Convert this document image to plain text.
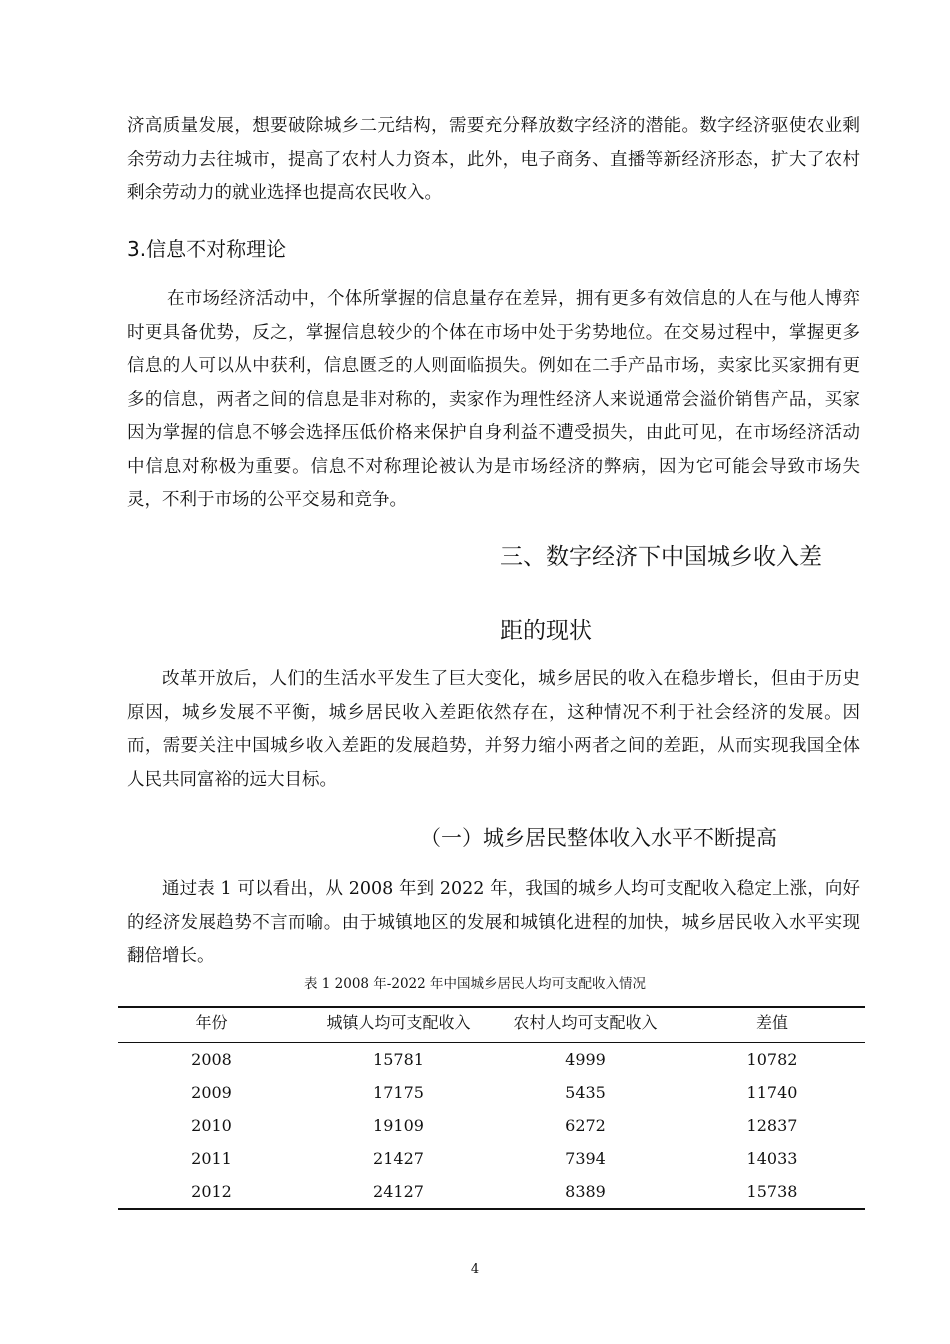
济高质量发展，想要破除城乡二元结构，需要充分释放数字经济的潜能。数字经济驱使农业剩余劳动力去往城市，提高了农村人力资本，此外，电子商务、直播等新经济形态，扩大了农村剩余劳动力的就业选择也提高农民收入。

3.信息不对称理论

在市场经济活动中，个体所掌握的信息量存在差异，拥有更多有效信息的人在与他人博弈时更具备优势，反之，掌握信息较少的个体在市场中处于劣势地位。在交易过程中，掌握更多信息的人可以从中获利，信息匮乏的人则面临损失。例如在二手产品市场，卖家比买家拥有更多的信息，两者之间的信息是非对称的，卖家作为理性经济人来说通常会溢价销售产品，买家因为掌握的信息不够会选择压低价格来保护自身利益不遭受损失，由此可见，在市场经济活动中信息对称极为重要。信息不对称理论被认为是市场经济的弊病，因为它可能会导致市场失灵，不利于市场的公平交易和竞争。

三、数字经济下中国城乡收入差
距的现状

改革开放后，人们的生活水平发生了巨大变化，城乡居民的收入在稳步增长，但由于历史原因，城乡发展不平衡，城乡居民收入差距依然存在，这种情况不利于社会经济的发展。因而，需要关注中国城乡收入差距的发展趋势，并努力缩小两者之间的差距，从而实现我国全体人民共同富裕的远大目标。

（一）城乡居民整体收入水平不断提高

通过表 1 可以看出，从 2008 年到 2022 年，我国的城乡人均可支配收入稳定上涨，向好的经济发展趋势不言而喻。由于城镇地区的发展和城镇化进程的加快，城乡居民收入水平实现翻倍增长。

表 1 2008 年-2022 年中国城乡居民人均可支配收入情况

年份	城镇人均可支配收入	农村人均可支配收入	差值

2008	15781	4999	10782
2009	17175	5435	11740
2010	19109	6272	12837
2011	21427	7394	14033
2012	24127	8389	15738
4
